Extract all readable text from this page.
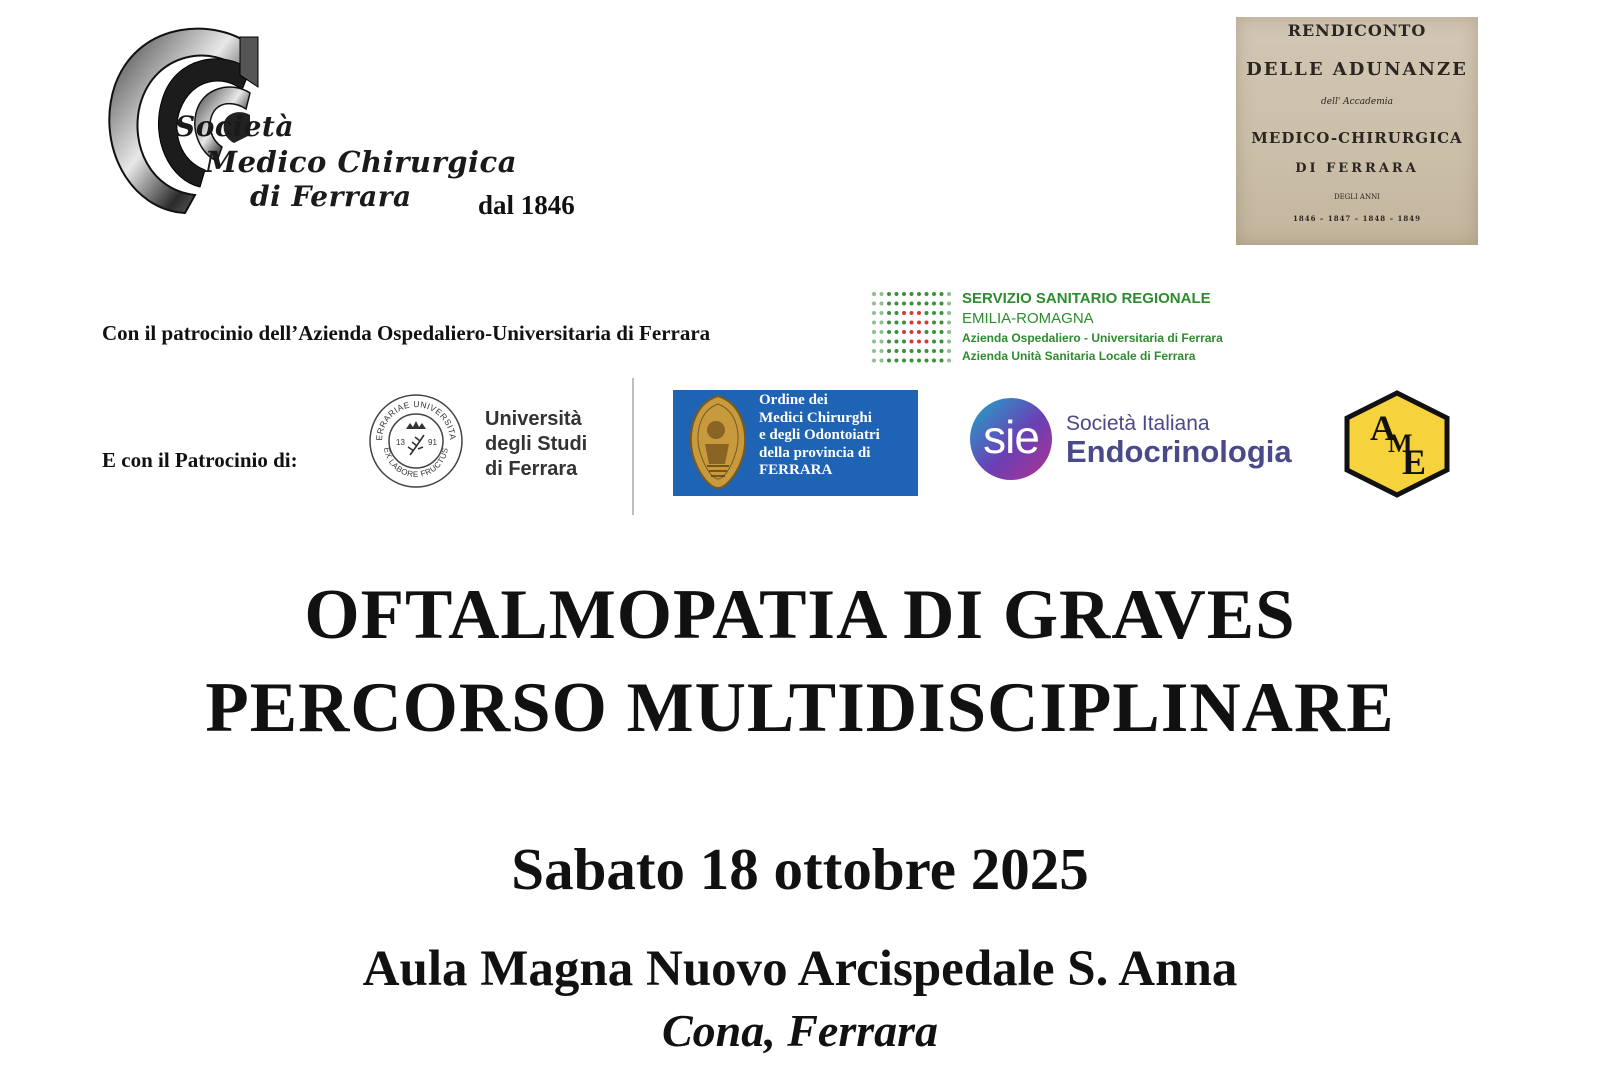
Società
Medico Chirurgica
di Ferrara dal 1846
RENDICONTO
DELLE ADUNANZE
dell' Accademia
MEDICO-CHIRURGICA
DI FERRARA
DEGLI ANNI
1846 – 1847 – 1848 – 1849
Con il patrocinio dell’Azienda Ospedaliero-Universitaria di Ferrara
SERVIZIO SANITARIO REGIONALE
EMILIA-ROMAGNA
Azienda Ospedaliero - Universitaria di Ferrara
Azienda Unità Sanitaria Locale di Ferrara
E con il Patrocinio di:
ERRARIAE UNIVERSITA
EX LABORE FRUCTUS
13	91
Università
degli Studi
di Ferrara
Ordine dei
Medici Chirurghi
e degli Odontoiatri
della provincia di
FERRARA
sie	Società Italiana
Endocrinologia
A
M
E
OFTALMOPATIA DI GRAVES
PERCORSO MULTIDISCIPLINARE
Sabato 18 ottobre 2025
Aula Magna Nuovo Arcispedale S. Anna
Cona, Ferrara
